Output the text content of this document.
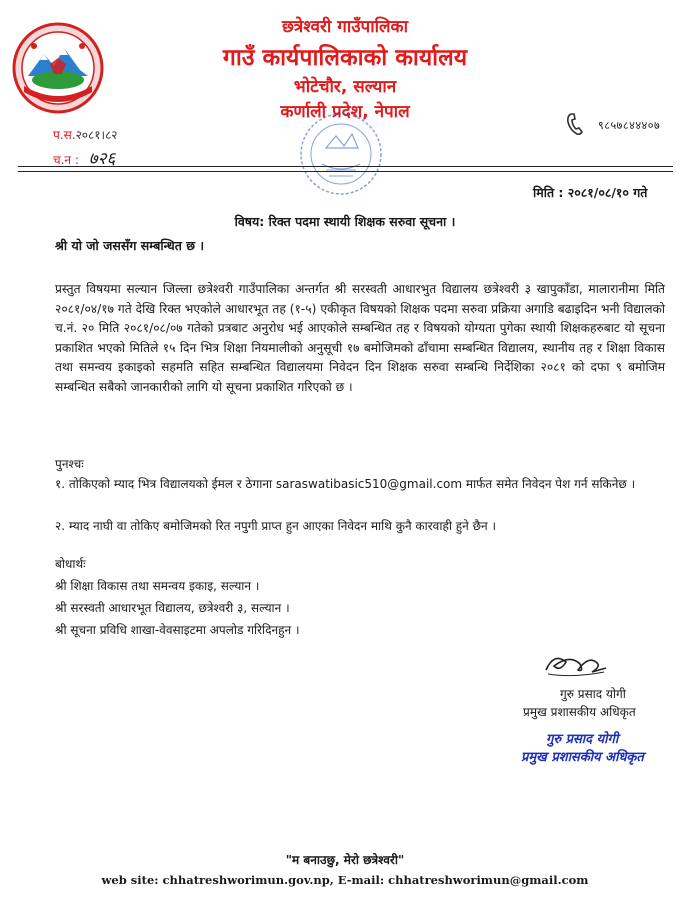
छत्रेश्वरी गाउँपालिका
गाउँ कार्यपालिकाको कार्यालय
भोटेचौर, सल्यान
कर्णाली प्रदेश, नेपाल
९८५७८४४४०७
प.स.२०८१।८२
च.न : ७२६
मिति : २०८१/०८/१० गते
विषय: रिक्त पदमा स्थायी शिक्षक सरुवा सूचना ।
श्री यो जो जससँग सम्बन्धित छ ।
प्रस्तुत विषयमा सल्यान जिल्ला छत्रेश्वरी गाउँपालिका अन्तर्गत श्री सरस्वती आधारभुत विद्यालय छत्रेश्वरी ३ खापुकाँडा, मालारानीमा मिति २०८१/०४/१७ गते देखि रिक्त भएकोले आधारभूत तह (१-५) एकीकृत विषयको शिक्षक पदमा सरुवा प्रक्रिया अगाडि बढाइदिन भनी विद्यालको च.नं. २० मिति २०८१/०८/०७ गतेको प्रत्रबाट अनुरोध भई आएकोले सम्बन्धित तह र विषयको योग्यता पुगेका स्थायी शिक्षकहरुबाट यो सूचना प्रकाशित भएको मितिले १५ दिन भित्र शिक्षा नियमालीको अनुसूची १७ बमोजिमको ढाँचामा सम्बन्धित विद्यालय, स्थानीय तह र शिक्षा विकास तथा समन्वय इकाइको सहमति सहित सम्बन्धित विद्यालयमा निवेदन दिन शिक्षक सरुवा सम्बन्धि निर्देशिका २०८१ को दफा ९ बमोजिम सम्बन्धित सबैको जानकारीको लागि यो सूचना प्रकाशित गरिएको छ ।
पुनश्चः
१. तोकिएको म्याद भित्र विद्यालयको ईमल र ठेगाना saraswatibasic510@gmail.com मार्फत समेत निवेदन पेश गर्न सकिनेछ ।
२. म्याद नाघी वा तोकिए बमोजिमको रित नपुगी प्राप्त हुन आएका निवेदन माथि कुनै कारवाही हुने छैन ।
बोधार्थः
श्री शिक्षा विकास तथा समन्वय इकाइ, सल्यान ।
श्री सरस्वती आधारभूत विद्यालय, छत्रेश्वरी ३, सल्यान ।
श्री सूचना प्रविधि शाखा-वेवसाइटमा अपलोड गरिदिनहुन ।
गुरु प्रसाद योगी
प्रमुख प्रशासकीय अधिकृत
गुरु प्रसाद योगी
प्रमुख प्रशासकीय अधिकृत
"म बनाउछु, मेरो छत्रेश्वरी"
web site: chhatreshworimun.gov.np, E-mail: chhatreshworimun@gmail.com
